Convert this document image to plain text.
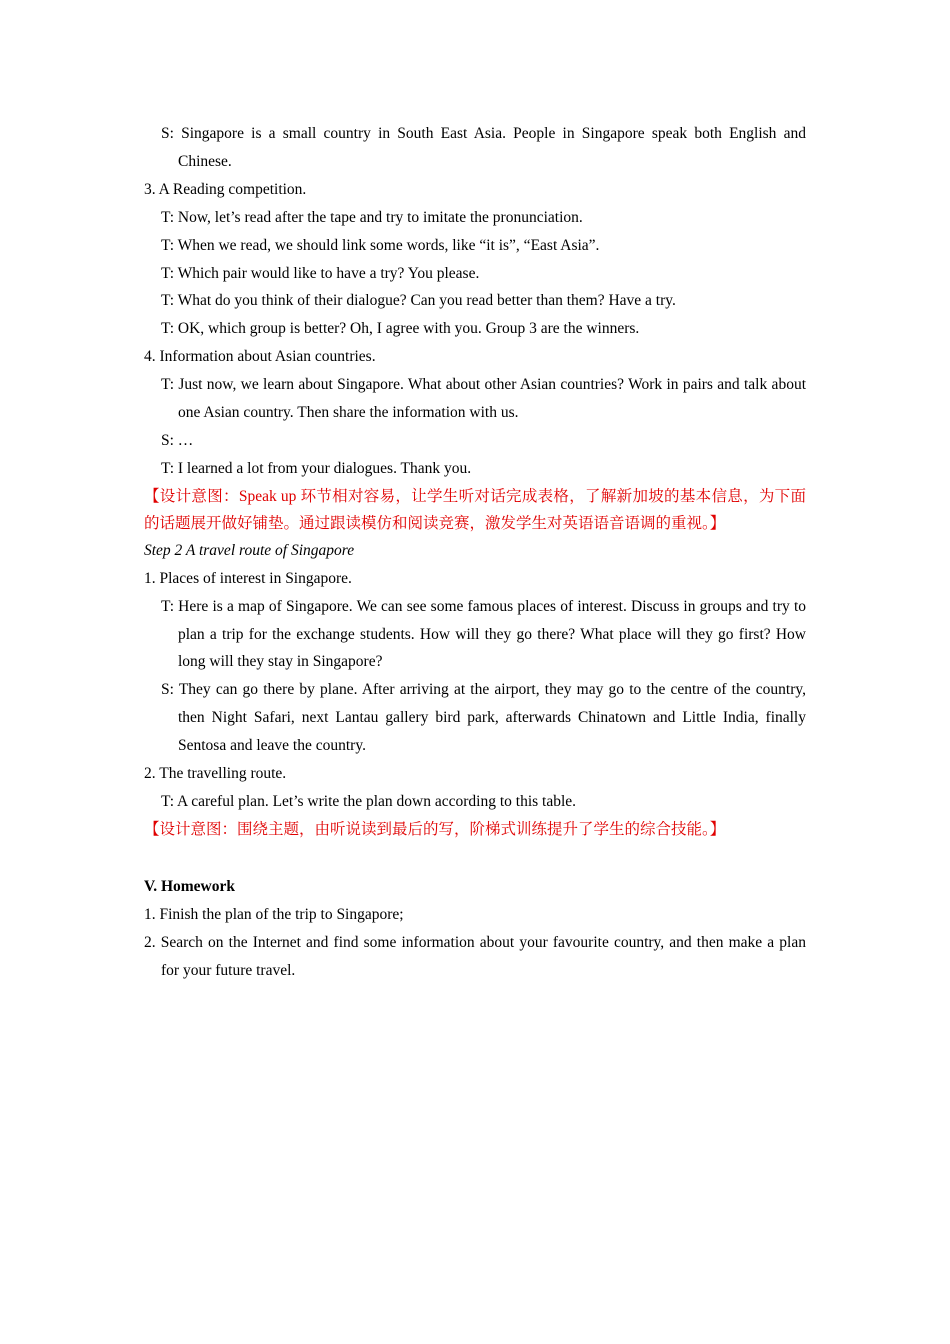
S: Singapore is a small country in South East Asia. People in Singapore speak both English and Chinese.

3. A Reading competition.

T: Now, let’s read after the tape and try to imitate the pronunciation.

T: When we read, we should link some words, like “it is”, “East Asia”.

T: Which pair would like to have a try? You please.

T: What do you think of their dialogue? Can you read better than them? Have a try.

T: OK, which group is better? Oh, I agree with you. Group 3 are the winners.

4. Information about Asian countries.

T: Just now, we learn about Singapore. What about other Asian countries? Work in pairs and talk about one Asian country. Then share the information with us.

S: …

T: I learned a lot from your dialogues. Thank you.

【设计意图：Speak up 环节相对容易，让学生听对话完成表格，了解新加坡的基本信息，为下面的话题展开做好铺垫。通过跟读模仿和阅读竞赛，激发学生对英语语音语调的重视。】

Step 2 A travel route of Singapore

1. Places of interest in Singapore.

T: Here is a map of Singapore. We can see some famous places of interest. Discuss in groups and try to plan a trip for the exchange students. How will they go there? What place will they go first? How long will they stay in Singapore?

S: They can go there by plane. After arriving at the airport, they may go to the centre of the country, then Night Safari, next Lantau gallery bird park, afterwards Chinatown and Little India, finally Sentosa and leave the country.

2. The travelling route.

T: A careful plan. Let’s write the plan down according to this table.

【设计意图：围绕主题，由听说读到最后的写，阶梯式训练提升了学生的综合技能。】

V. Homework

1. Finish the plan of the trip to Singapore;

2. Search on the Internet and find some information about your favourite country, and then make a plan for your future travel.
